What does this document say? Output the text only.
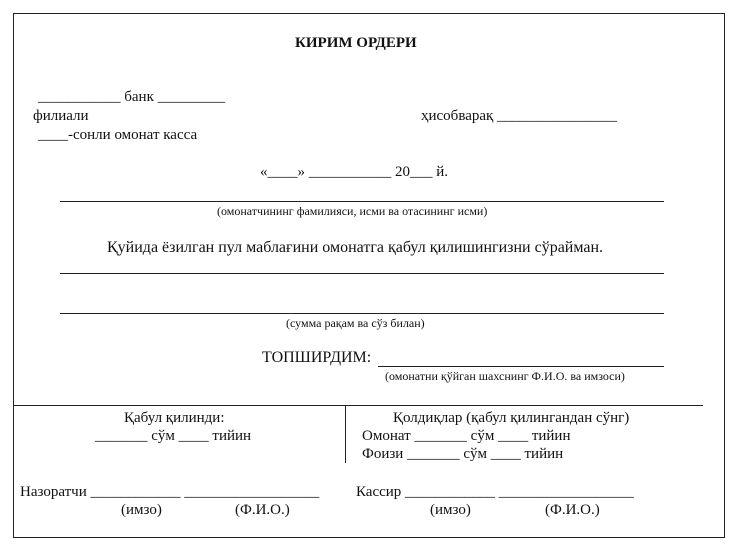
КИРИМ ОРДЕРИ
___________ банк _________
филиали	ҳисобварақ ________________
____-сонли омонат касса
«____» ___________ 20___ й.
(омонатчининг фамилияси, исми ва отасининг исми)
Қуйида ёзилган пул маблағини омонатга қабул қилишингизни сўрайман.
(сумма рақам ва сўз билан)
ТОПШИРДИМ:
(омонатни қўйган шахснинг Ф.И.О. ва имзоси)
Қабул қилинди:
_______ сўм ____ тийин
Қолдиқлар (қабул қилингандан сўнг)
Омонат _______ сўм ____ тийин
Фоизи _______ сўм ____ тийин
Назоратчи ____________ __________________ Кассир ____________ __________________
(имзо)	(Ф.И.О.)	(имзо)	(Ф.И.О.)
